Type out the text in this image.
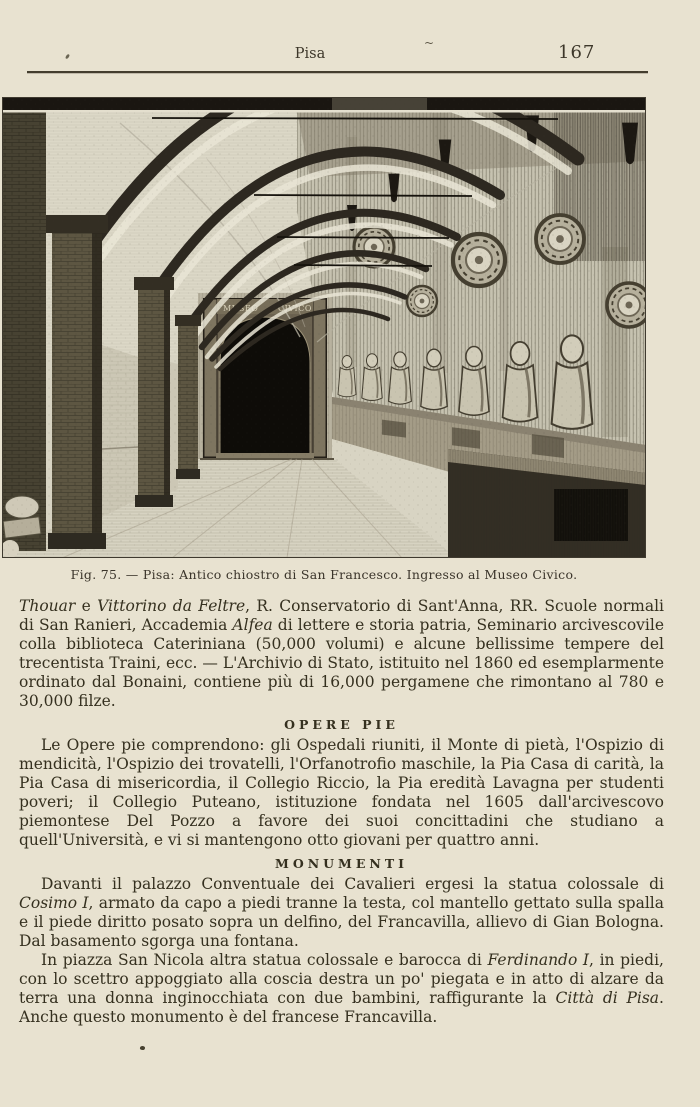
Pisa	167
~
MUSEO CIVICO
Fig. 75. — Pisa: Antico chiostro di San Francesco. Ingresso al Museo Civico.

Thouar e Vittorino da Feltre, R. Conservatorio di Sant'Anna, RR. Scuole normali di San Ranieri, Accademia Alfea di lettere e storia patria, Seminario arcivescovile colla biblioteca Cateriniana (50,000 volumi) e alcune bellissime tempere del trecentista Traini, ecc. — L'Archivio di Stato, istituito nel 1860 ed esemplarmente ordinato dal Bonaini, contiene più di 16,000 pergamene che rimontano al 780 e 30,000 filze.

OPERE PIE

Le Opere pie comprendono: gli Ospedali riuniti, il Monte di pietà, l'Ospizio di mendicità, l'Ospizio dei trovatelli, l'Orfanotrofio maschile, la Pia Casa di carità, la Pia Casa di misericordia, il Collegio Riccio, la Pia eredità Lavagna per studenti poveri; il Collegio Puteano, istituzione fondata nel 1605 dall'arcivescovo piemontese Del Pozzo a favore dei suoi concittadini che studiano a quell'Università, e vi si mantengono otto giovani per quattro anni.

MONUMENTI

Davanti il palazzo Conventuale dei Cavalieri ergesi la statua colossale di Cosimo I, armato da capo a piedi tranne la testa, col mantello gettato sulla spalla e il piede diritto posato sopra un delfino, del Francavilla, allievo di Gian Bologna. Dal basamento sgorga una fontana.

In piazza San Nicola altra statua colossale e barocca di Ferdinando I, in piedi, con lo scettro appoggiato alla coscia destra un po' piegata e in atto di alzare da terra una donna inginocchiata con due bambini, raffigurante la Città di Pisa. Anche questo monumento è del francese Francavilla.
